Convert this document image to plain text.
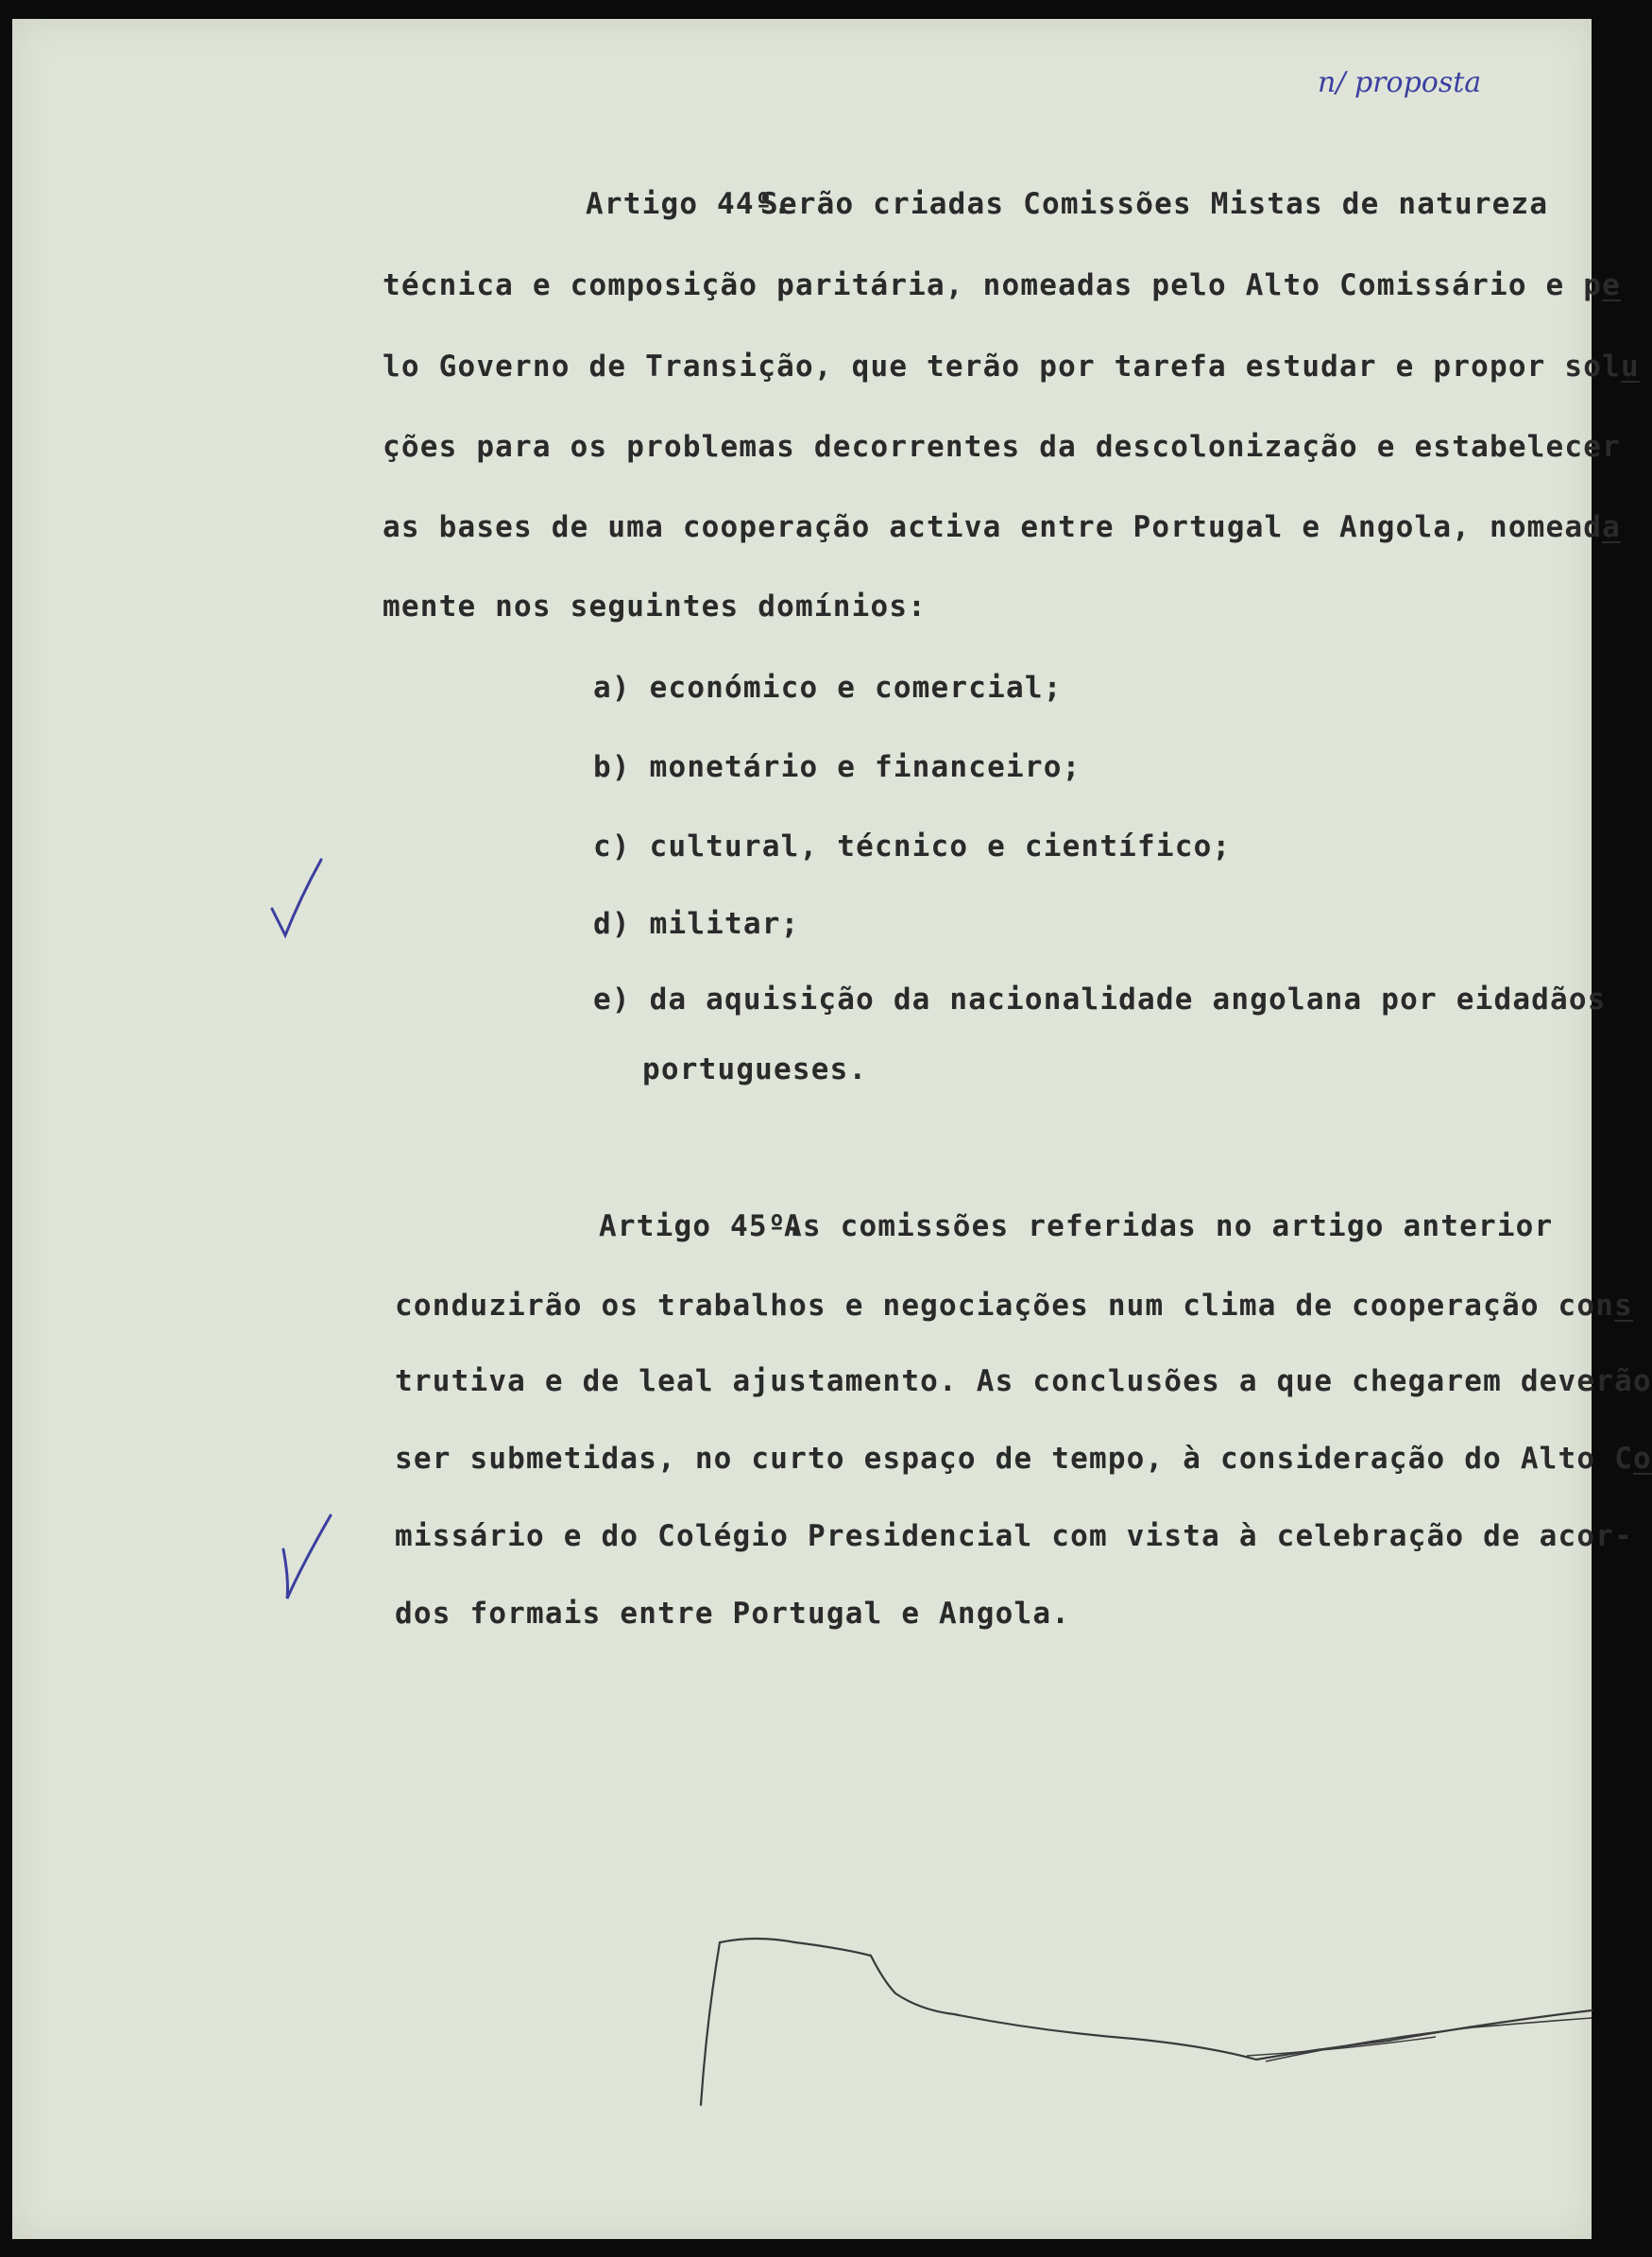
n/ proposta
Artigo 44º.
Serão criadas Comissões Mistas de natureza
técnica e composição paritária, nomeadas pelo Alto Comissário e pe
lo Governo de Transição, que terão por tarefa estudar e propor solu
ções para os problemas decorrentes da descolonização e estabelecer
as bases de uma cooperação activa entre Portugal e Angola, nomeada
mente nos seguintes domínios:
a) económico e comercial;
b) monetário e financeiro;
c) cultural, técnico e científico;
d) militar;
e) da aquisição da nacionalidade angolana por eidadãos
portugueses.
Artigo 45º.
As comissões referidas no artigo anterior
conduzirão os trabalhos e negociações num clima de cooperação cons
trutiva e de leal ajustamento. As conclusões a que chegarem deverão
ser submetidas, no curto espaço de tempo, à consideração do Alto Co
missário e do Colégio Presidencial com vista à celebração de acor-
dos formais entre Portugal e Angola.
